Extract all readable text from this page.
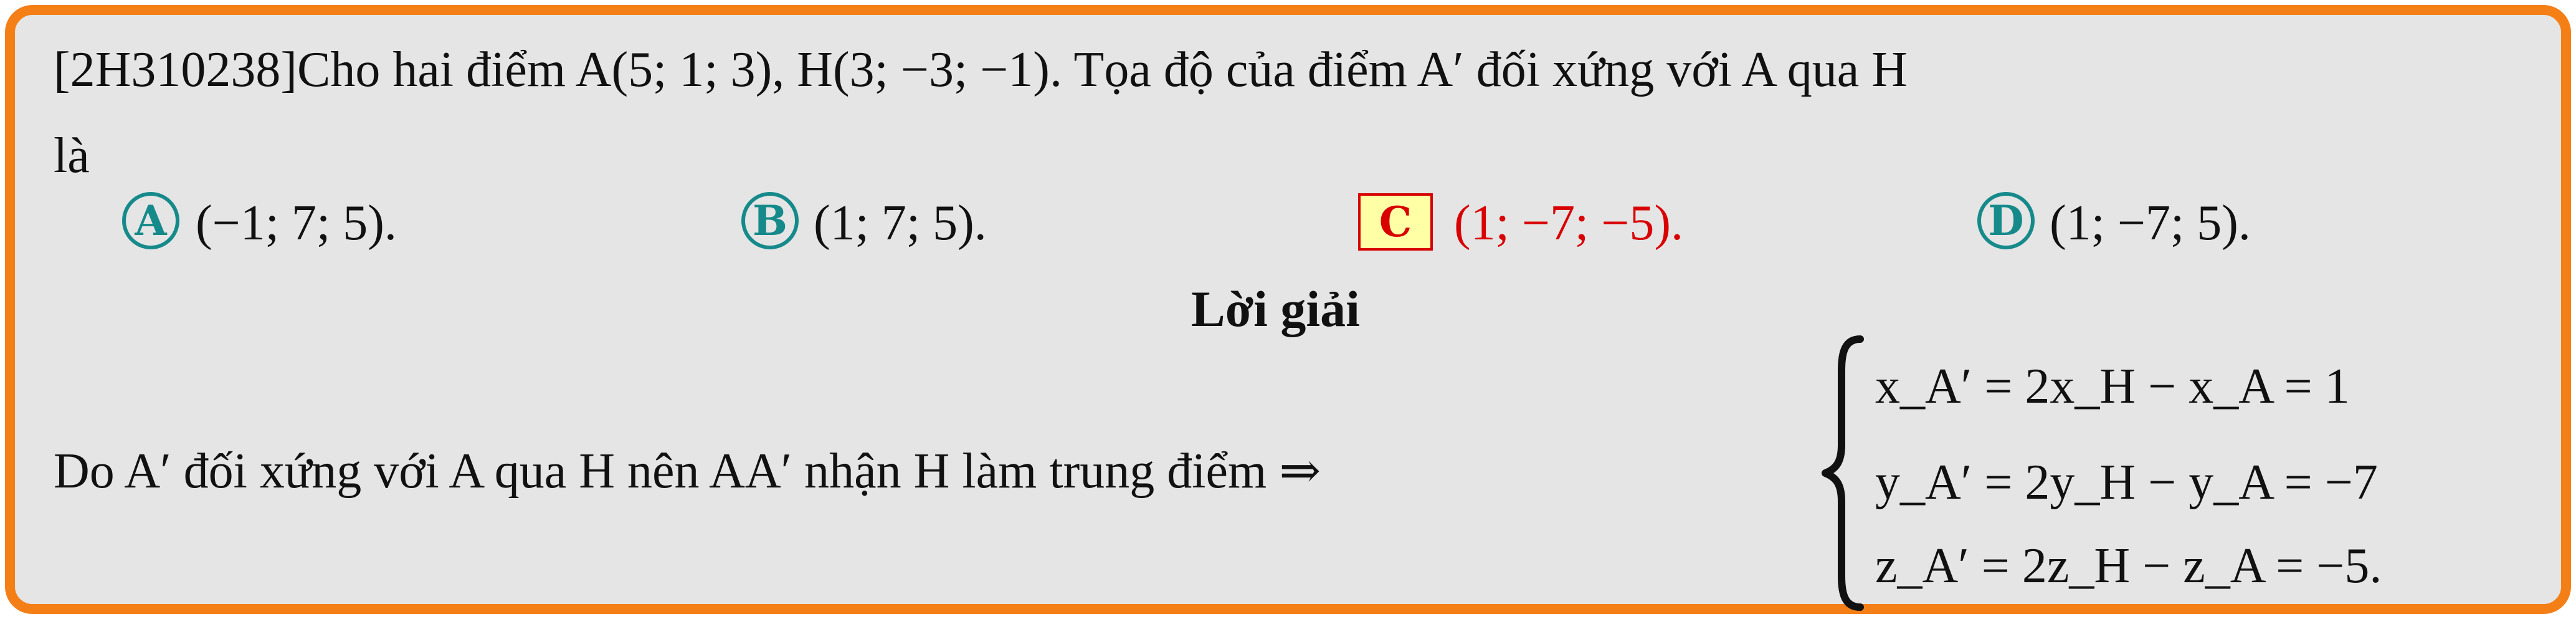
[2H310238]Cho hai điểm A(5; 1; 3), H(3; −3; −1). Tọa độ của điểm A′ đối xứng với A qua H
là
A (−1; 7; 5).	B (1; 7; 5).	C (1; −7; −5).	D (1; −7; 5).
Lời giải
Do A′ đối xứng với A qua H nên AA′ nhận H làm trung điểm ⇒
x_A′ = 2x_H − x_A = 1
y_A′ = 2y_H − y_A = −7
z_A′ = 2z_H − z_A = −5.
